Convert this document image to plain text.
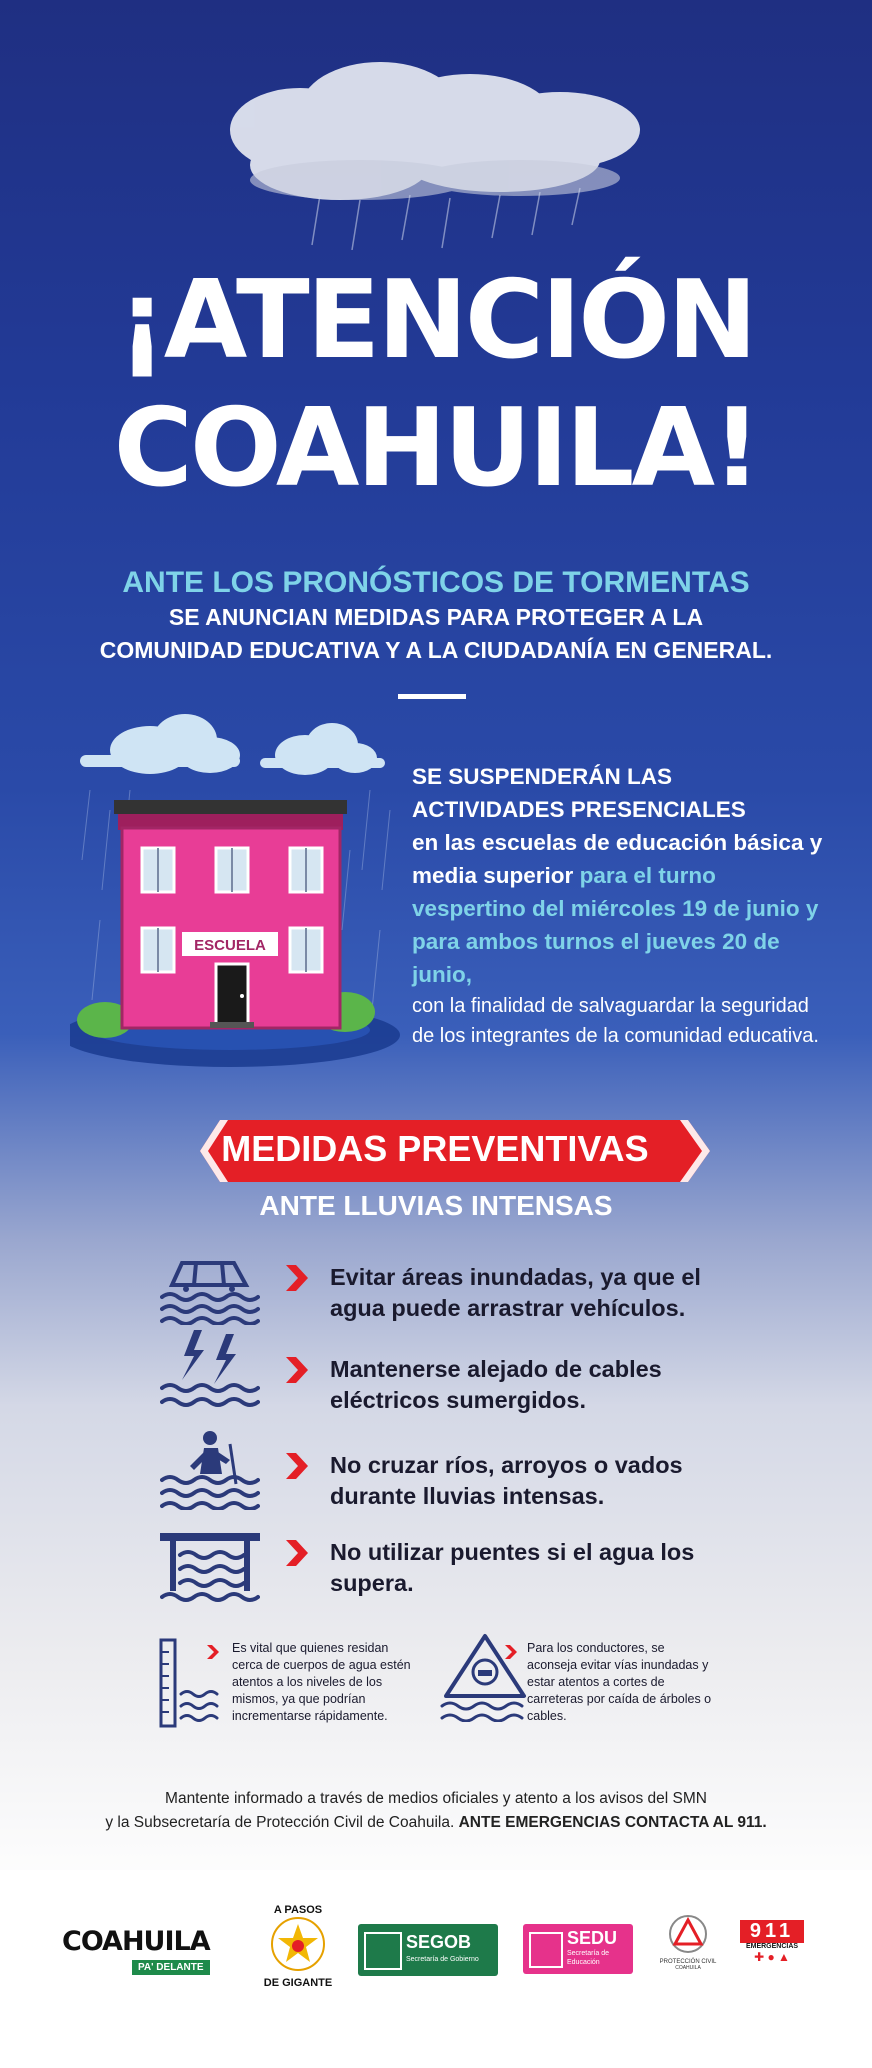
¡ATENCIÓN
COAHUILA!
ANTE LOS PRONÓSTICOS DE TORMENTAS
SE ANUNCIAN MEDIDAS PARA PROTEGER A LA
COMUNIDAD EDUCATIVA Y A LA CIUDADANÍA EN GENERAL.
ESCUELA
SE SUSPENDERÁN LAS
ACTIVIDADES PRESENCIALES
en las escuelas de educación básica y media superior para el turno vespertino del miércoles 19 de junio y para ambos turnos el jueves 20 de junio,
con la finalidad de salvaguardar la seguridad de los integrantes de la comunidad educativa.
MEDIDAS PREVENTIVAS
ANTE LLUVIAS INTENSAS
Evitar áreas inundadas, ya que el agua puede arrastrar vehículos.
Mantenerse alejado de cables eléctricos sumergidos.
No cruzar ríos, arroyos o vados durante lluvias intensas.
No utilizar puentes si el agua los supera.
Es vital que quienes residan cerca de cuerpos de agua estén atentos a los niveles de los mismos, ya que podrían incrementarse rápidamente.
Para los conductores, se aconseja evitar vías inundadas y estar atentos a cortes de carreteras por caída de árboles o cables.
Mantente informado a través de medios oficiales y atento a los avisos del SMN
y la Subsecretaría de Protección Civil de Coahuila. ANTE EMERGENCIAS CONTACTA AL 911.
COAHUILA
PA' DELANTE
A PASOS
DE GIGANTE
SEGOB
Secretaría de Gobierno
SEDU
Secretaría de
Educación	PROTECCIÓN CIVIL
COAHUILA
911
EMERGENCIAS
✚ ● ▲
